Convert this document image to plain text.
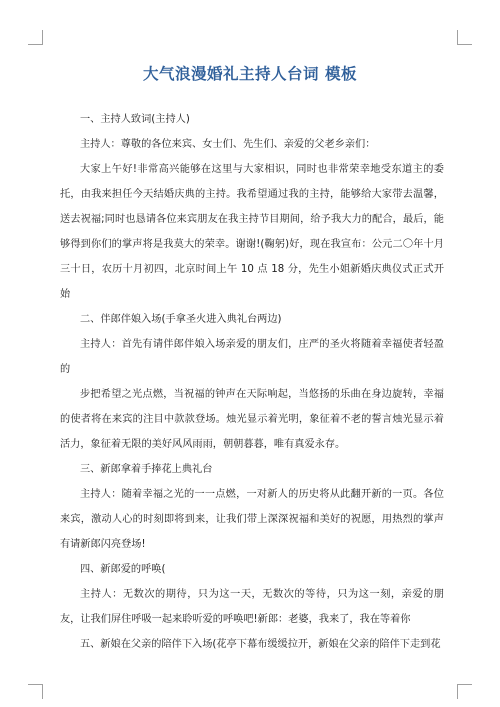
大气浪漫婚礼主持人台词 模板

一、主持人致词(主持人)

主持人：尊敬的各位来宾、女士们、先生们、亲爱的父老乡亲们：

大家上午好!非常高兴能够在这里与大家相识，同时也非常荣幸地受东道主的委托，由我来担任今天结婚庆典的主持。我希望通过我的主持，能够给大家带去温馨，送去祝福;同时也恳请各位来宾朋友在我主持节目期间，给予我大力的配合，最后，能够得到你们的掌声将是我莫大的荣幸。谢谢!(鞠躬)好，现在我宣布：公元二〇年十月三十日，农历十月初四，北京时间上午 10 点 18 分，先生小姐新婚庆典仪式正式开始

二、伴郎伴娘入场(手拿圣火进入典礼台两边)

主持人：首先有请伴郎伴娘入场亲爱的朋友们，庄严的圣火将随着幸福使者轻盈的

步把希望之光点燃，当祝福的钟声在天际响起，当悠扬的乐曲在身边旋转，幸福的使者将在来宾的注目中款款登场。烛光显示着光明，象征着不老的誓言烛光显示着活力，象征着无限的美好风风雨雨，朝朝暮暮，唯有真爱永存。

三、新郎拿着手捧花上典礼台

主持人：随着幸福之光的一一点燃，一对新人的历史将从此翻开新的一页。各位来宾，激动人心的时刻即将到来，让我们带上深深祝福和美好的祝愿，用热烈的掌声有请新郎闪亮登场!

四、新郎爱的呼唤(

主持人：无数次的期待，只为这一天，无数次的等待，只为这一刻，亲爱的朋友，让我们屏住呼吸一起来聆听爱的呼唤吧!新郎：老婆，我来了，我在等着你

五、新娘在父亲的陪伴下入场(花亭下幕布缓缓拉开，新娘在父亲的陪伴下走到花
